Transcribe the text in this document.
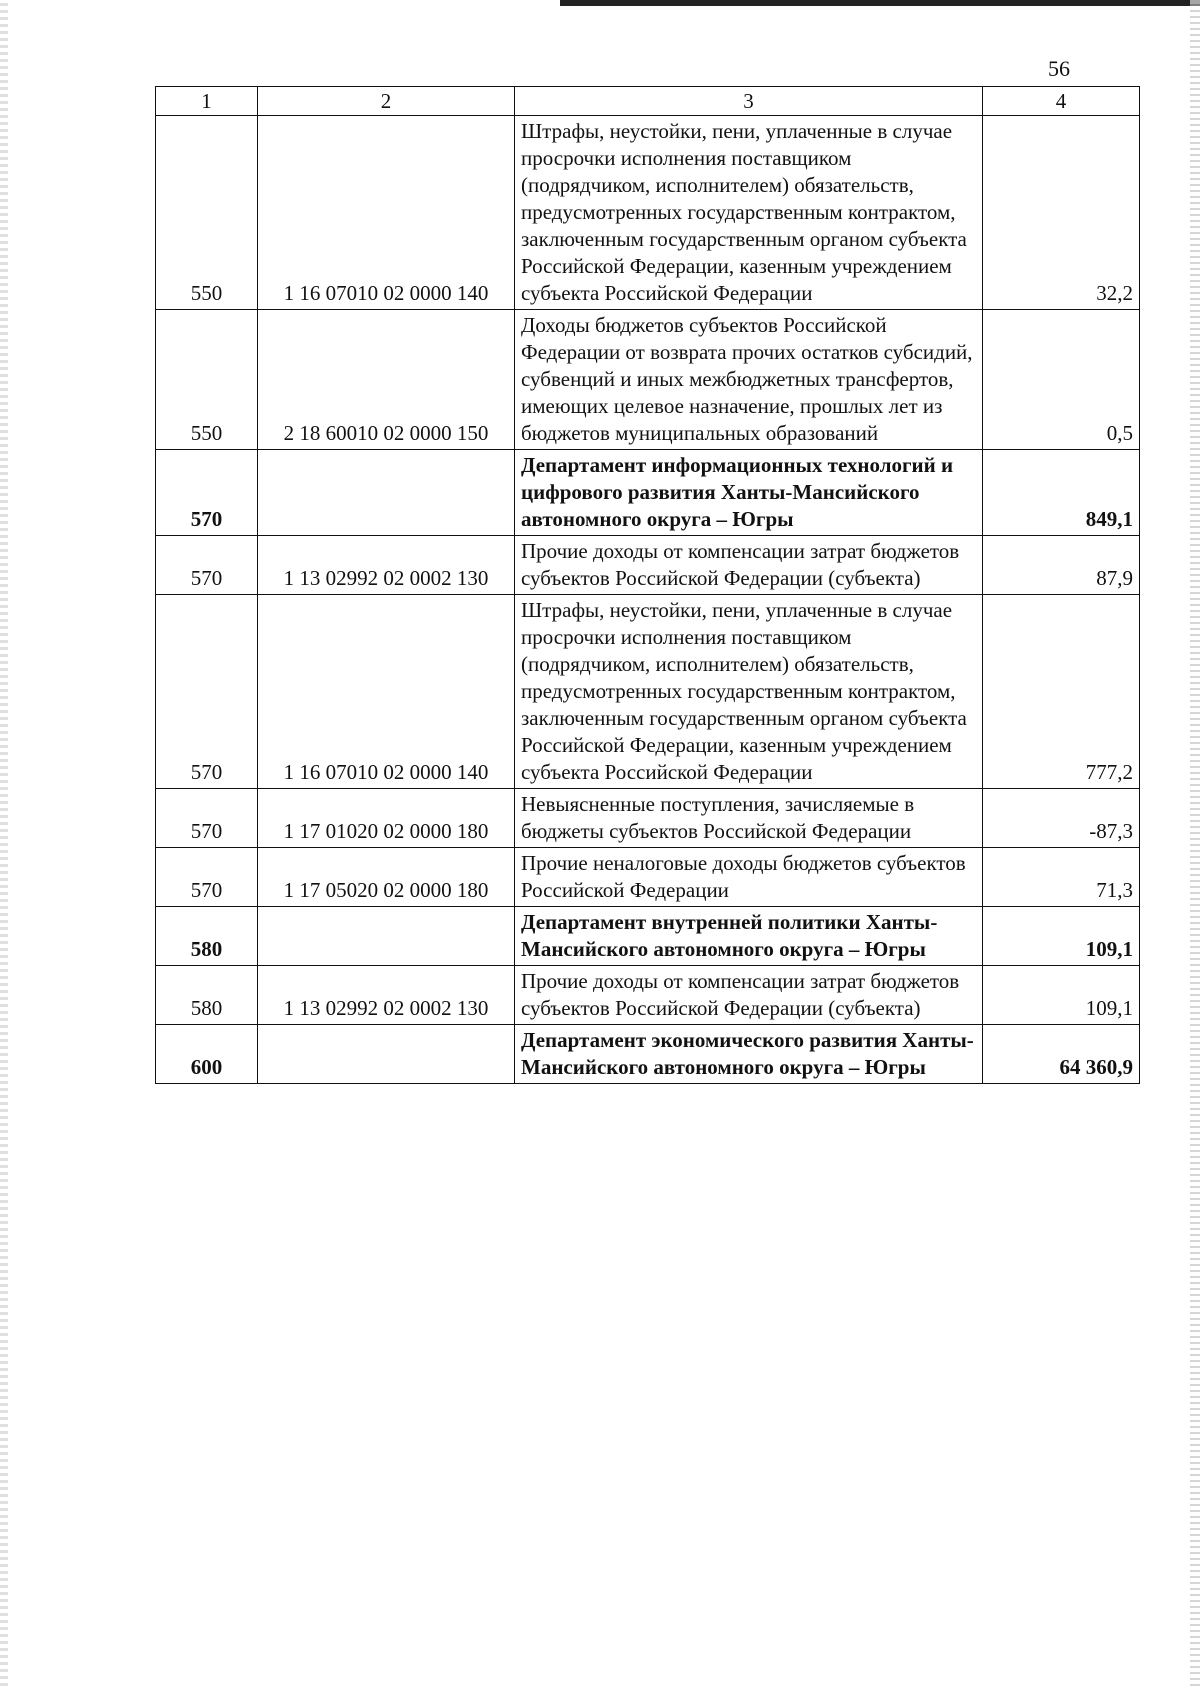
56
1	2	3	4
550	1 16 07010 02 0000 140	Штрафы, неустойки, пени, уплаченные в случае просрочки исполнения поставщиком (подрядчиком, исполнителем) обязательств, предусмотренных государственным контрактом, заключенным государственным органом субъекта Российской Федерации, казенным учреждением субъекта Российской Федерации	32,2
550	2 18 60010 02 0000 150	Доходы бюджетов субъектов Российской Федерации от возврата прочих остатков субсидий, субвенций и иных межбюджетных трансфертов, имеющих целевое назначение, прошлых лет из бюджетов муниципальных образований	0,5
570		Департамент информационных технологий и цифрового развития Ханты-Мансийского автономного округа – Югры	849,1
570	1 13 02992 02 0002 130	Прочие доходы от компенсации затрат бюджетов субъектов Российской Федерации (субъекта)	87,9
570	1 16 07010 02 0000 140	Штрафы, неустойки, пени, уплаченные в случае просрочки исполнения поставщиком (подрядчиком, исполнителем) обязательств, предусмотренных государственным контрактом, заключенным государственным органом субъекта Российской Федерации, казенным учреждением субъекта Российской Федерации	777,2
570	1 17 01020 02 0000 180	Невыясненные поступления, зачисляемые в бюджеты субъектов Российской Федерации	-87,3
570	1 17 05020 02 0000 180	Прочие неналоговые доходы бюджетов субъектов Российской Федерации	71,3
580		Департамент внутренней политики Ханты-Мансийского автономного округа – Югры	109,1
580	1 13 02992 02 0002 130	Прочие доходы от компенсации затрат бюджетов субъектов Российской Федерации (субъекта)	109,1
600		Департамент экономического развития Ханты-Мансийского автономного округа – Югры	64 360,9
